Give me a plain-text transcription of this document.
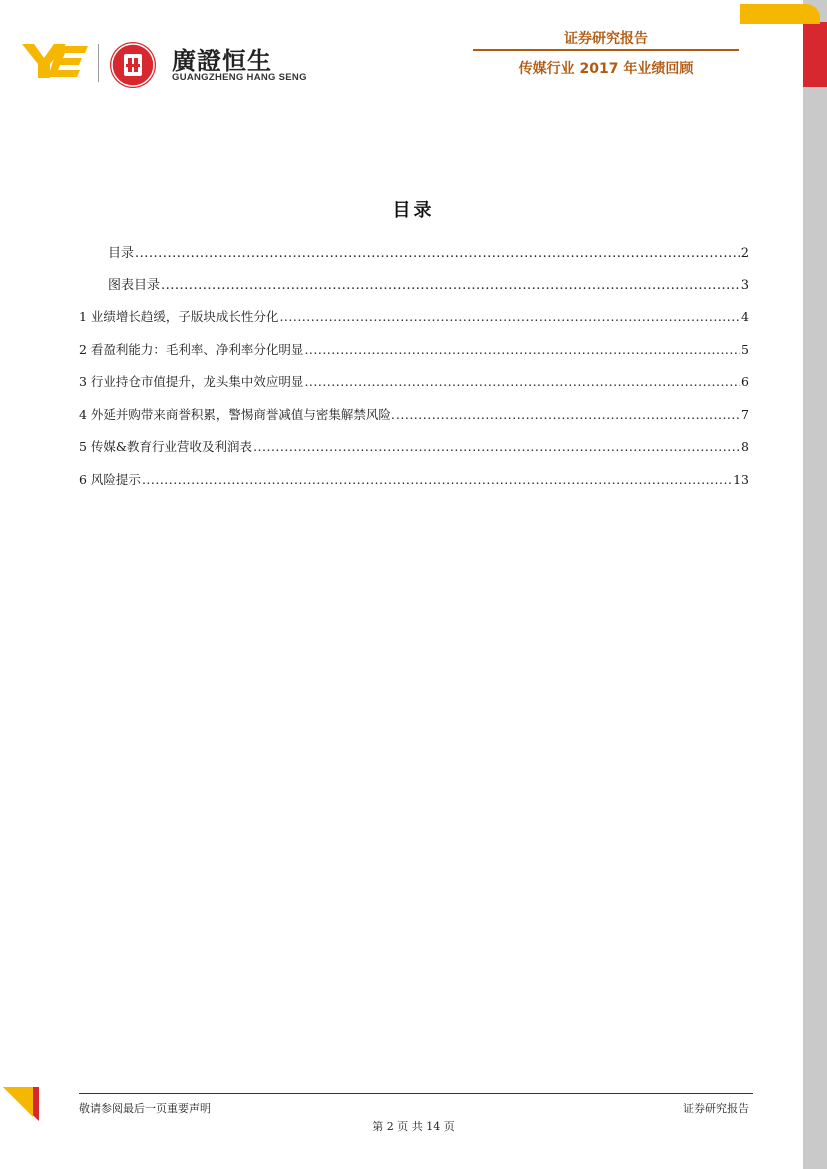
廣證恒生
GUANGZHENG HANG SENG
证券研究报告
传媒行业 2017 年业绩回顾
目录
目录 .....	2
图表目录 .....	3
1 业绩增长趋缓，子版块成长性分化 .....	4
2 看盈利能力：毛利率、净利率分化明显 .....	5
3 行业持仓市值提升，龙头集中效应明显 .....	6
4 外延并购带来商誉积累，警惕商誉减值与密集解禁风险. .....	7
5 传媒&教育行业营收及利润表 .....	8
6 风险提示 .....	13
敬请参阅最后一页重要声明	证券研究报告
第 2 页 共 14 页
